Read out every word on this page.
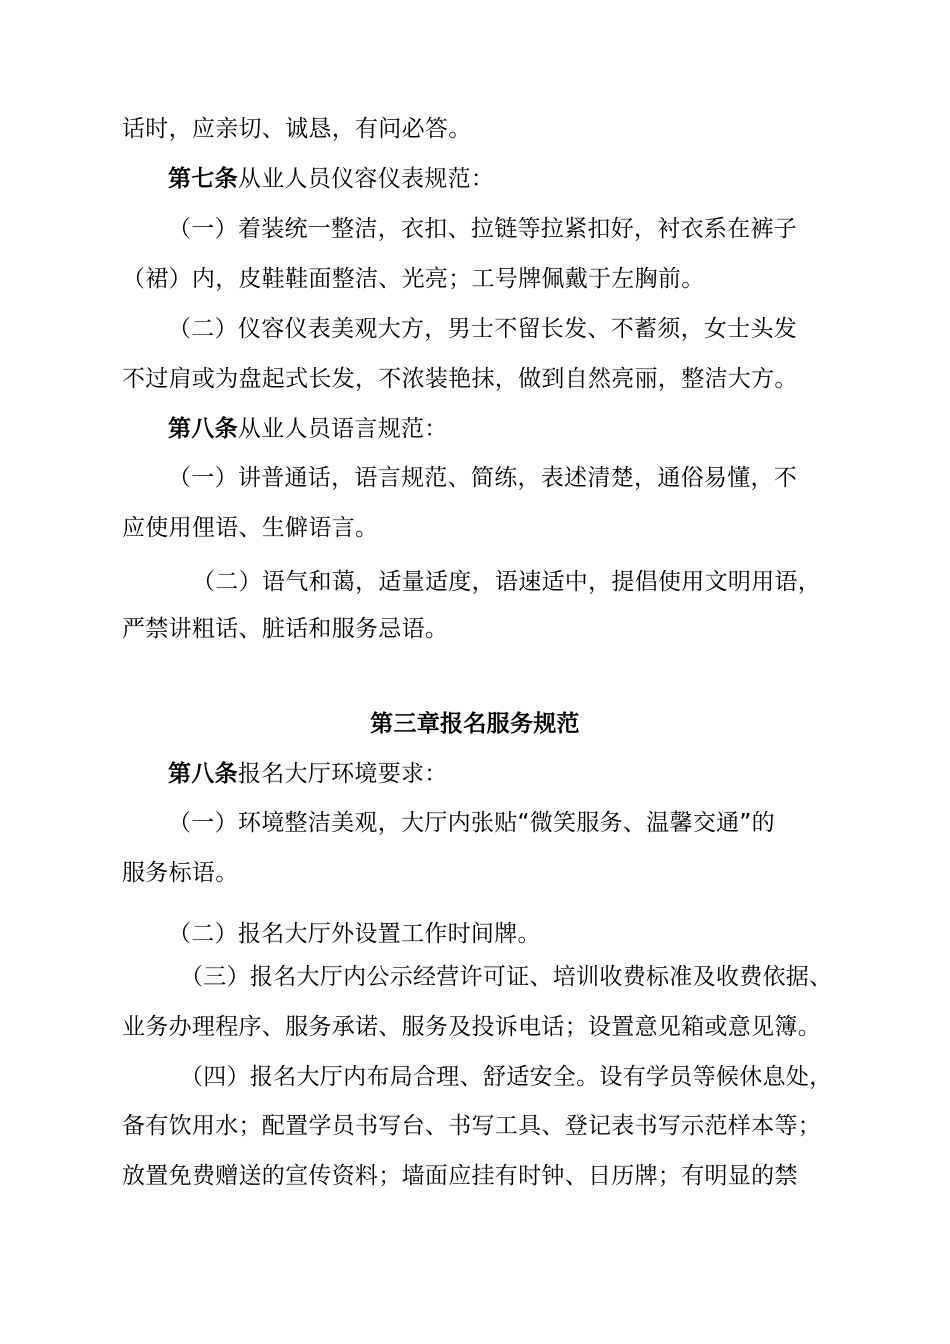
话时，应亲切、诚恳，有问必答。
第七条从业人员仪容仪表规范：
（一）着装统一整洁，衣扣、拉链等拉紧扣好，衬衣系在裤子
（裙）内，皮鞋鞋面整洁、光亮；工号牌佩戴于左胸前。
（二）仪容仪表美观大方，男士不留长发、不蓄须，女士头发
不过肩或为盘起式长发，不浓装艳抹，做到自然亮丽，整洁大方。
第八条从业人员语言规范：
（一）讲普通话，语言规范、简练，表述清楚，通俗易懂，不
应使用俚语、生僻语言。
（二）语气和蔼，适量适度，语速适中，提倡使用文明用语，
严禁讲粗话、脏话和服务忌语。
第三章报名服务规范
第八条报名大厅环境要求：
（一）环境整洁美观，大厅内张贴“微笑服务、温馨交通”的
服务标语。
（二）报名大厅外设置工作时间牌。
（三）报名大厅内公示经营许可证、培训收费标准及收费依据、
业务办理程序、服务承诺、服务及投诉电话；设置意见箱或意见簿。
（四）报名大厅内布局合理、舒适安全。设有学员等候休息处，
备有饮用水；配置学员书写台、书写工具、登记表书写示范样本等；
放置免费赠送的宣传资料；墙面应挂有时钟、日历牌；有明显的禁
